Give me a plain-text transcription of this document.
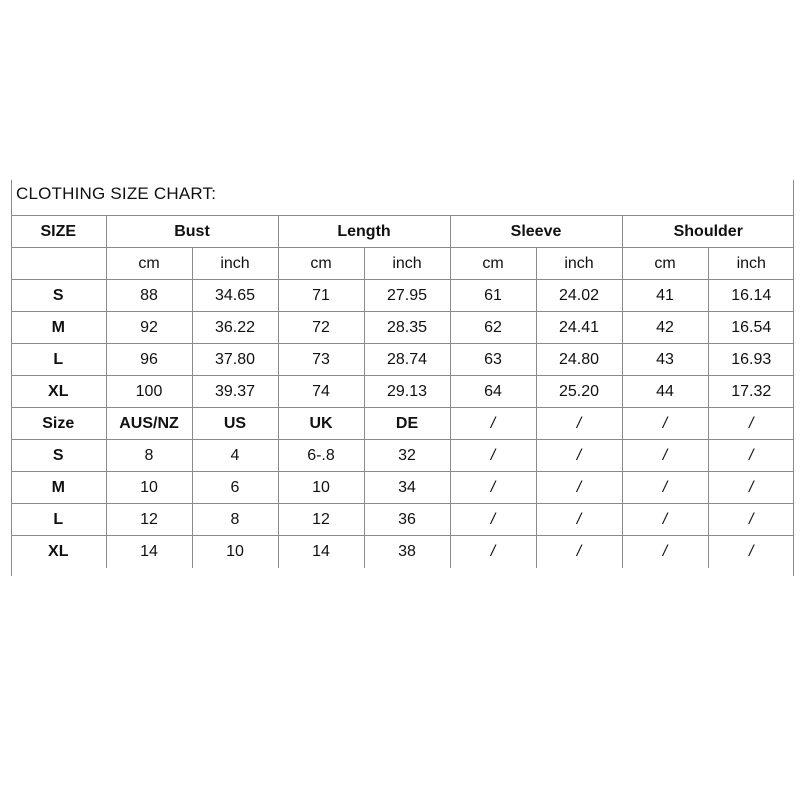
CLOTHING SIZE CHART:
SIZE	Bust		Length		Sleeve		Shoulder	
	cm	inch	cm	inch	cm	inch	cm	inch
S	88	34.65	71	27.95	61	24.02	41	16.14
M	92	36.22	72	28.35	62	24.41	42	16.54
L	96	37.80	73	28.74	63	24.80	43	16.93
XL	100	39.37	74	29.13	64	25.20	44	17.32
Size	AUS/NZ	US	UK	DE	/	/	/	/
S	8	4	6-.8	32	/	/	/	/
M	10	6	10	34	/	/	/	/
L	12	8	12	36	/	/	/	/
XL	14	10	14	38	/	/	/	/
